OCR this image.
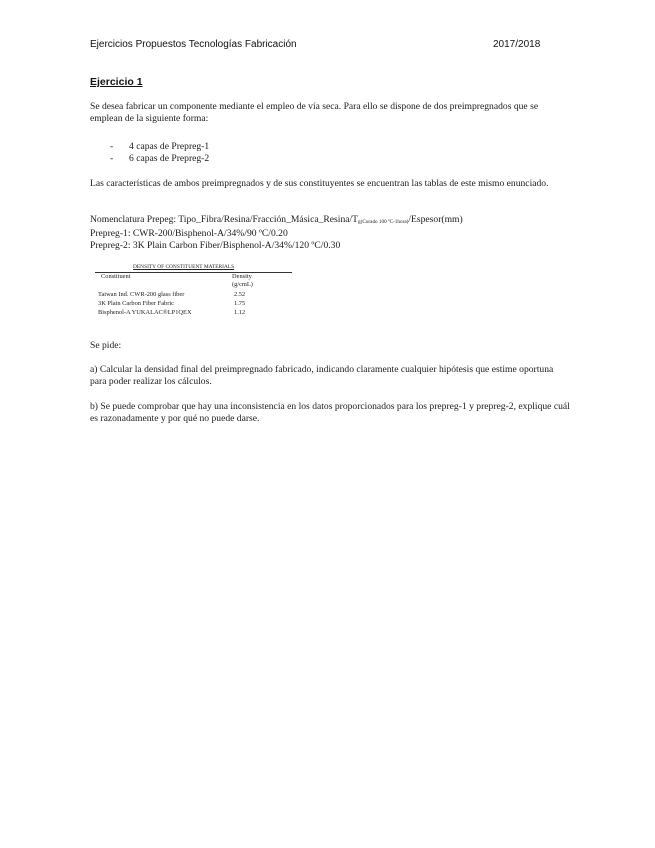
Ejercicios Propuestos Tecnologías Fabricación	2017/2018
Ejercicio 1
Se desea fabricar un componente mediante el empleo de vía seca. Para ello se dispone de dos preimpregnados que se emplean de la siguiente forma:
- 4 capas de Prepreg-1
- 6 capas de Prepreg-2
Las características de ambos preimpregnados y de sus constituyentes se encuentran las tablas de este mismo enunciado.
Nomenclatura Prepeg: $Tipo\_Fibra/Resina/Fracción\_Másica\_Resina/T_{g(Curado 100 ºC-1hora)}/Espesor(mm)$
Prepreg-1: CWR-200/Bisphenol-A/34%/90 ºC/0.20
Prepreg-2: 3K Plain Carbon Fiber/Bisphenol-A/34%/120 ºC/0.30
DENSITY OF CONSTITUENT MATERIALS
Constituent	Density
(g/cmL)
Taiwan Ind. CWR-200 glass fiber	2.52
3K Plain Carbon Fiber Fabric	1.75
Bisphenol-A YUKALAC®LP1QEX	1.12
Se pide:
a) Calcular la densidad final del preimpregnado fabricado, indicando claramente cualquier hipótesis que estime oportuna para poder realizar los cálculos.
b) Se puede comprobar que hay una inconsistencia en los datos proporcionados para los prepreg-1 y prepreg-2, explique cuál es razonadamente y por qué no puede darse.
